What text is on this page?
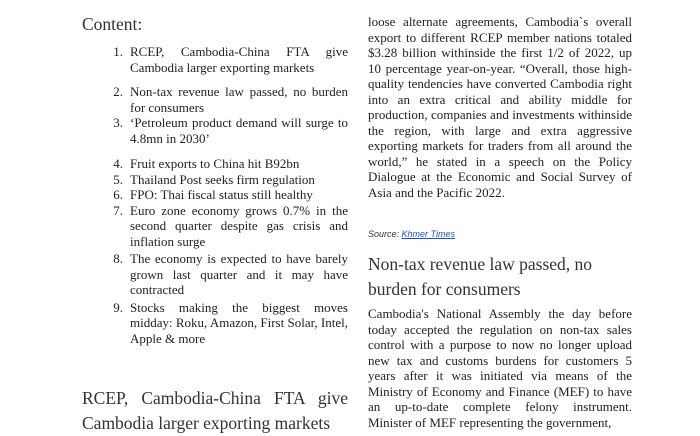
Content:
1. RCEP, Cambodia-China FTA give Cambodia larger exporting markets
2. Non-tax revenue law passed, no burden for consumers
3. ‘Petroleum product demand will surge to 4.8mn in 2030’
4. Fruit exports to China hit B92bn
5. Thailand Post seeks firm regulation
6. FPO: Thai fiscal status still healthy
7. Euro zone economy grows 0.7% in the second quarter despite gas crisis and inflation surge
8. The economy is expected to have barely grown last quarter and it may have contracted
9. Stocks making the biggest moves midday: Roku, Amazon, First Solar, Intel, Apple & more
RCEP, Cambodia-China FTA give
Cambodia larger exporting markets

loose alternate agreements, Cambodia`s overall export to different RCEP member nations totaled $3.28 billion withinside the first 1/2 of 2022, up 10 percentage year-on-year. “Overall, those high-quality tendencies have converted Cambodia right into an extra critical and ability middle for production, companies and investments withinside the region, with large and extra aggressive exporting markets for traders from all around the world,” he stated in a speech on the Policy Dialogue at the Economic and Social Survey of Asia and the Pacific 2022.

Source: Khmer Times
Non-tax revenue law passed, no burden for consumers

Cambodia's National Assembly the day before today accepted the regulation on non-tax sales control with a purpose to now no longer upload new tax and customs burdens for customers 5 years after it was initiated via means of the Ministry of Economy and Finance (MEF) to have an up-to-date complete felony instrument. Minister of MEF representing the government,
